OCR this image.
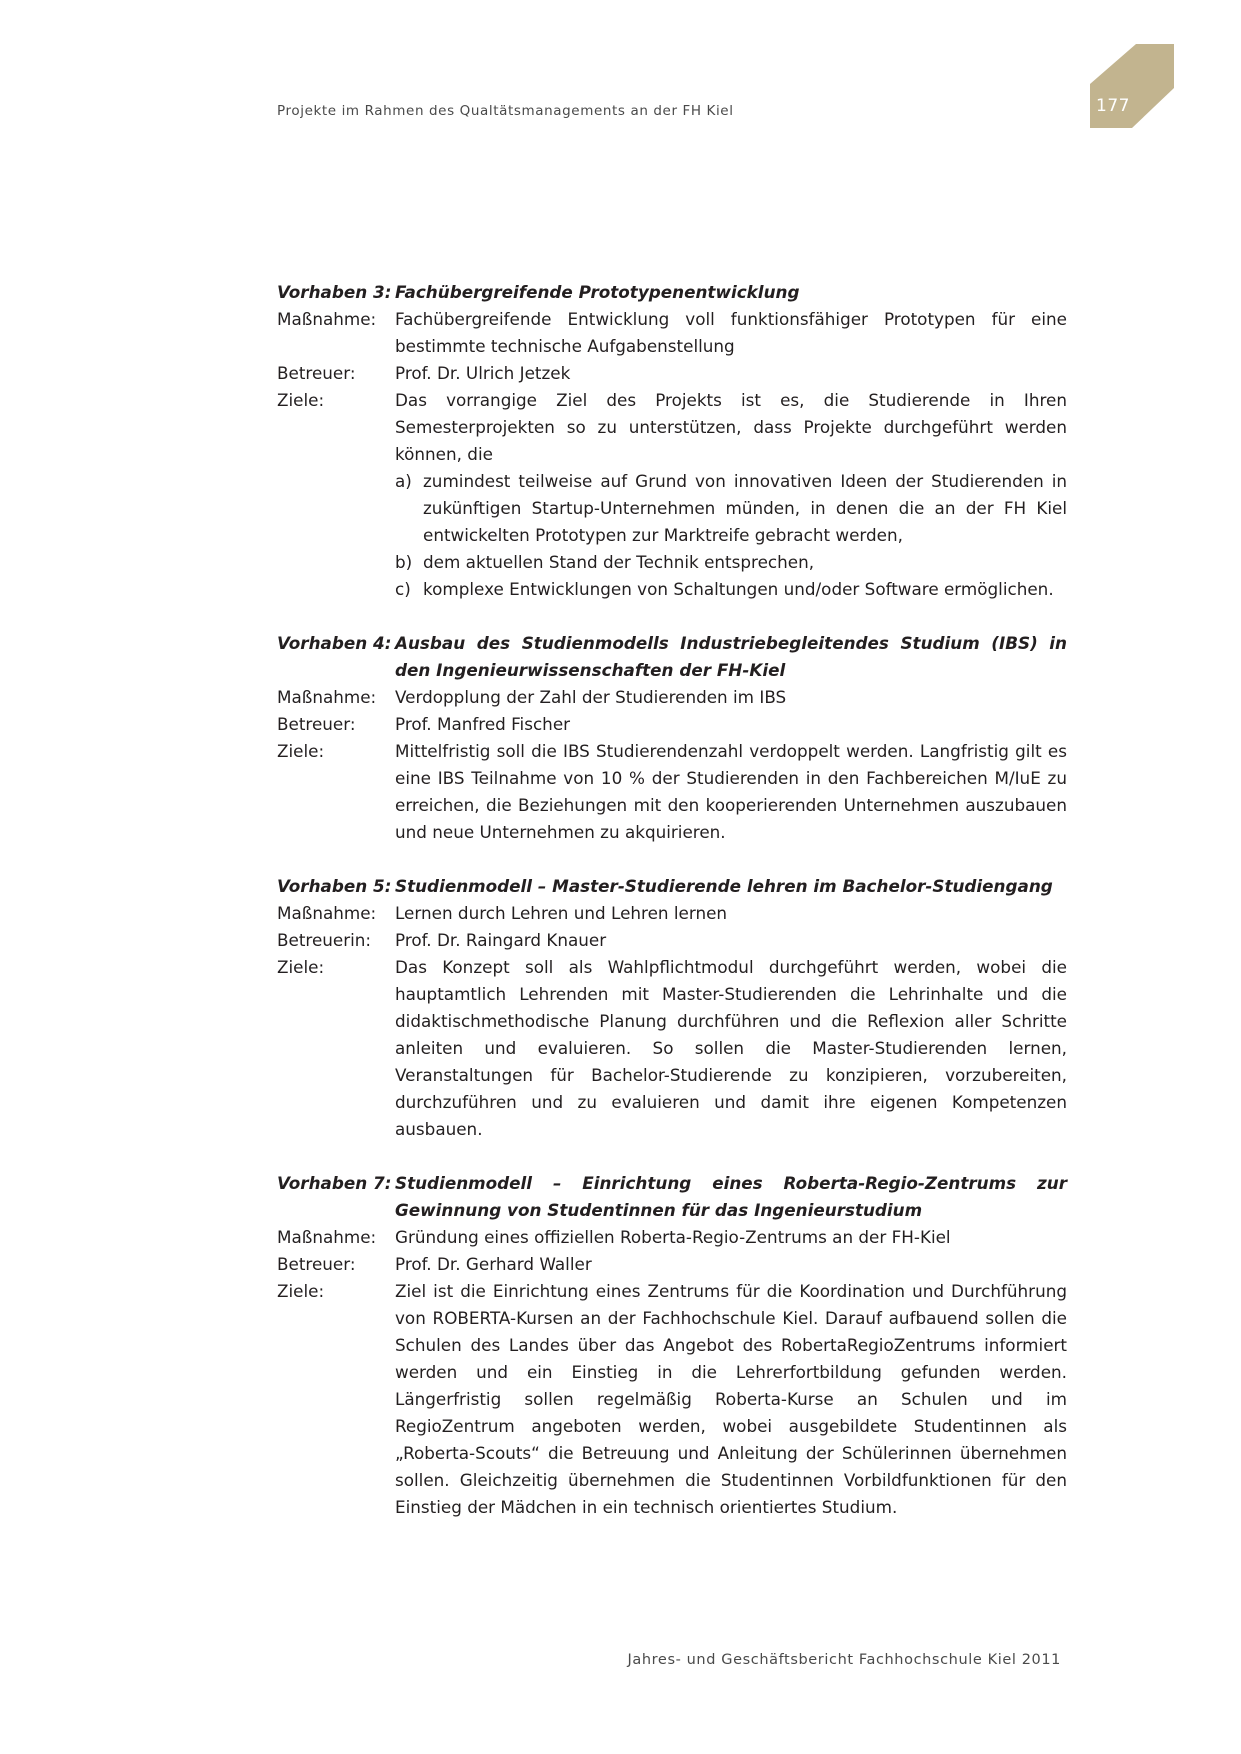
Projekte im Rahmen des Qualtätsmanagements an der FH Kiel	177
Vorhaben 3: Fachübergreifende Prototypenentwicklung
Maßnahme:	Fachübergreifende Entwicklung voll funktionsfähiger Prototypen für eine bestimmte technische Aufgabenstellung
Betreuer:	Prof. Dr. Ulrich Jetzek
Ziele:	Das vorrangige Ziel des Projekts ist es, die Studierende in Ihren Semesterprojekten so zu unterstützen, dass Projekte durchgeführt werden können, die
a) zumindest teilweise auf Grund von innovativen Ideen der Studierenden in zukünftigen Startup-Unternehmen münden, in denen die an der FH Kiel entwickelten Prototypen zur Marktreife gebracht werden,
b) dem aktuellen Stand der Technik entsprechen,
c) komplexe Entwicklungen von Schaltungen und/oder Software ermöglichen.
Vorhaben 4: Ausbau des Studienmodells Industriebegleitendes Studium (IBS) in den Ingenieurwissenschaften der FH-Kiel
Maßnahme:	Verdopplung der Zahl der Studierenden im IBS
Betreuer:	Prof. Manfred Fischer
Ziele:	Mittelfristig soll die IBS Studierendenzahl verdoppelt werden. Langfristig gilt es eine IBS Teilnahme von 10 % der Studierenden in den Fachbereichen M/IuE zu erreichen, die Beziehungen mit den kooperierenden Unternehmen auszubauen und neue Unternehmen zu akquirieren.
Vorhaben 5: Studienmodell – Master-Studierende lehren im Bachelor-Studiengang
Maßnahme:	Lernen durch Lehren und Lehren lernen
Betreuerin:	Prof. Dr. Raingard Knauer
Ziele:	Das Konzept soll als Wahlpflichtmodul durchgeführt werden, wobei die hauptamtlich Lehrenden mit Master-Studierenden die Lehrinhalte und die didaktischmethodische Planung durchführen und die Reflexion aller Schritte anleiten und evaluieren. So sollen die Master-Studierenden lernen, Veranstaltungen für Bachelor-Studierende zu konzipieren, vorzubereiten, durchzuführen und zu evaluieren und damit ihre eigenen Kompetenzen ausbauen.
Vorhaben 7: Studienmodell – Einrichtung eines Roberta-Regio-Zentrums zur Gewinnung von Studentinnen für das Ingenieurstudium
Maßnahme:	Gründung eines offiziellen Roberta-Regio-Zentrums an der FH-Kiel
Betreuer:	Prof. Dr. Gerhard Waller
Ziele:	Ziel ist die Einrichtung eines Zentrums für die Koordination und Durchführung von ROBERTA-Kursen an der Fachhochschule Kiel. Darauf aufbauend sollen die Schulen des Landes über das Angebot des RobertaRegioZentrums informiert werden und ein Einstieg in die Lehrerfortbildung gefunden werden. Längerfristig sollen regelmäßig Roberta-Kurse an Schulen und im RegioZentrum angeboten werden, wobei ausgebildete Studentinnen als „Roberta-Scouts“ die Betreuung und Anleitung der Schülerinnen übernehmen sollen. Gleichzeitig übernehmen die Studentinnen Vorbildfunktionen für den Einstieg der Mädchen in ein technisch orientiertes Studium.
Jahres- und Geschäftsbericht Fachhochschule Kiel 2011
